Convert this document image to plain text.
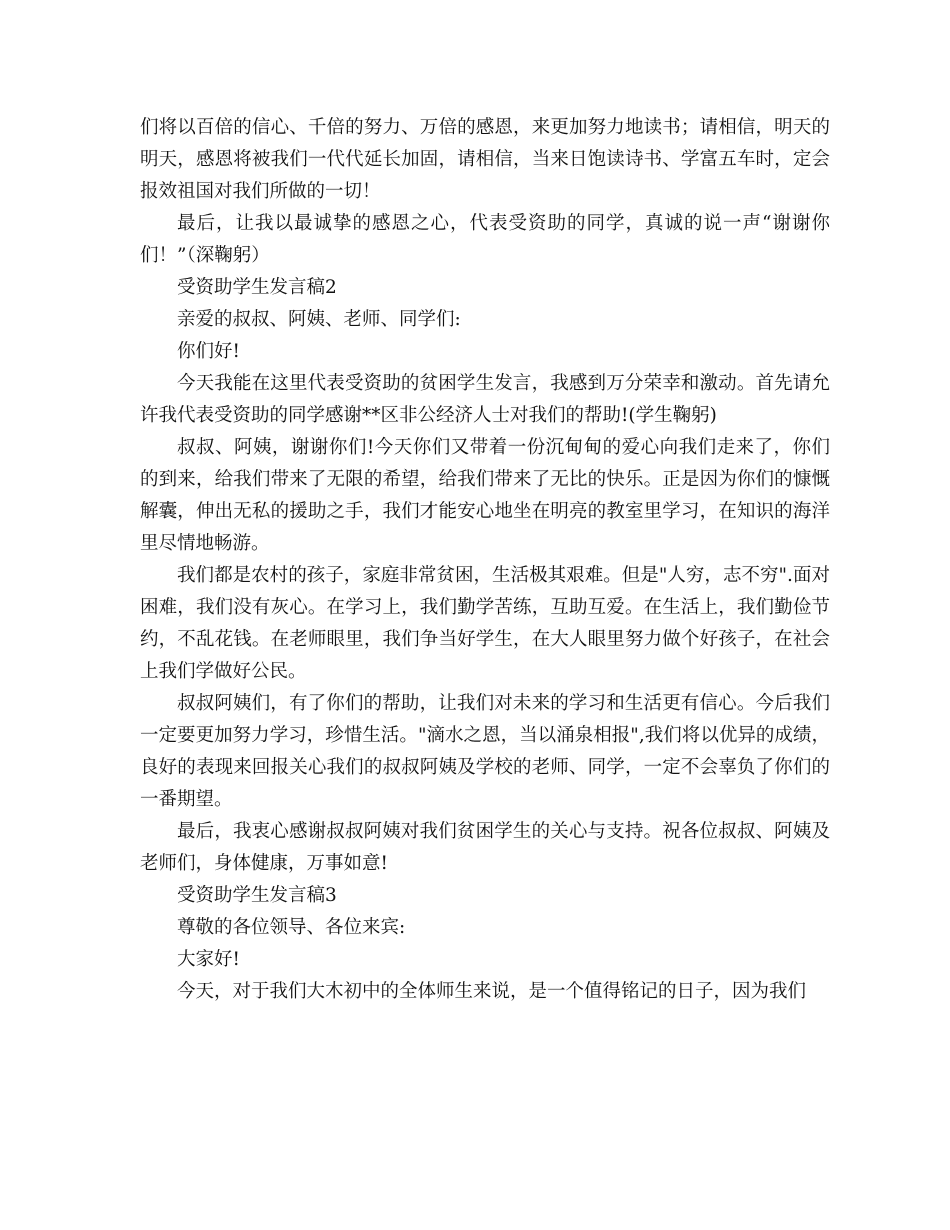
们将以百倍的信心、千倍的努力、万倍的感恩，来更加努力地读书；请相信，明天的明天，感恩将被我们一代代延长加固，请相信，当来日饱读诗书、学富五车时，定会报效祖国对我们所做的一切！

最后，让我以最诚挚的感恩之心，代表受资助的同学，真诚的说一声“谢谢你们！”（深鞠躬）

受资助学生发言稿2

亲爱的叔叔、阿姨、老师、同学们:

你们好!

今天我能在这里代表受资助的贫困学生发言，我感到万分荣幸和激动。首先请允许我代表受资助的同学感谢**区非公经济人士对我们的帮助!(学生鞠躬)

叔叔、阿姨，谢谢你们!今天你们又带着一份沉甸甸的爱心向我们走来了，你们的到来，给我们带来了无限的希望，给我们带来了无比的快乐。正是因为你们的慷慨解囊，伸出无私的援助之手，我们才能安心地坐在明亮的教室里学习，在知识的海洋里尽情地畅游。

我们都是农村的孩子，家庭非常贫困，生活极其艰难。但是"人穷，志不穷".面对困难，我们没有灰心。在学习上，我们勤学苦练，互助互爱。在生活上，我们勤俭节约，不乱花钱。在老师眼里，我们争当好学生，在大人眼里努力做个好孩子，在社会上我们学做好公民。

叔叔阿姨们，有了你们的帮助，让我们对未来的学习和生活更有信心。今后我们一定要更加努力学习，珍惜生活。"滴水之恩，当以涌泉相报",我们将以优异的成绩，良好的表现来回报关心我们的叔叔阿姨及学校的老师、同学，一定不会辜负了你们的一番期望。

最后，我衷心感谢叔叔阿姨对我们贫困学生的关心与支持。祝各位叔叔、阿姨及老师们，身体健康，万事如意!

受资助学生发言稿3

尊敬的各位领导、各位来宾:

大家好!

今天，对于我们大木初中的全体师生来说，是一个值得铭记的日子，因为我们
